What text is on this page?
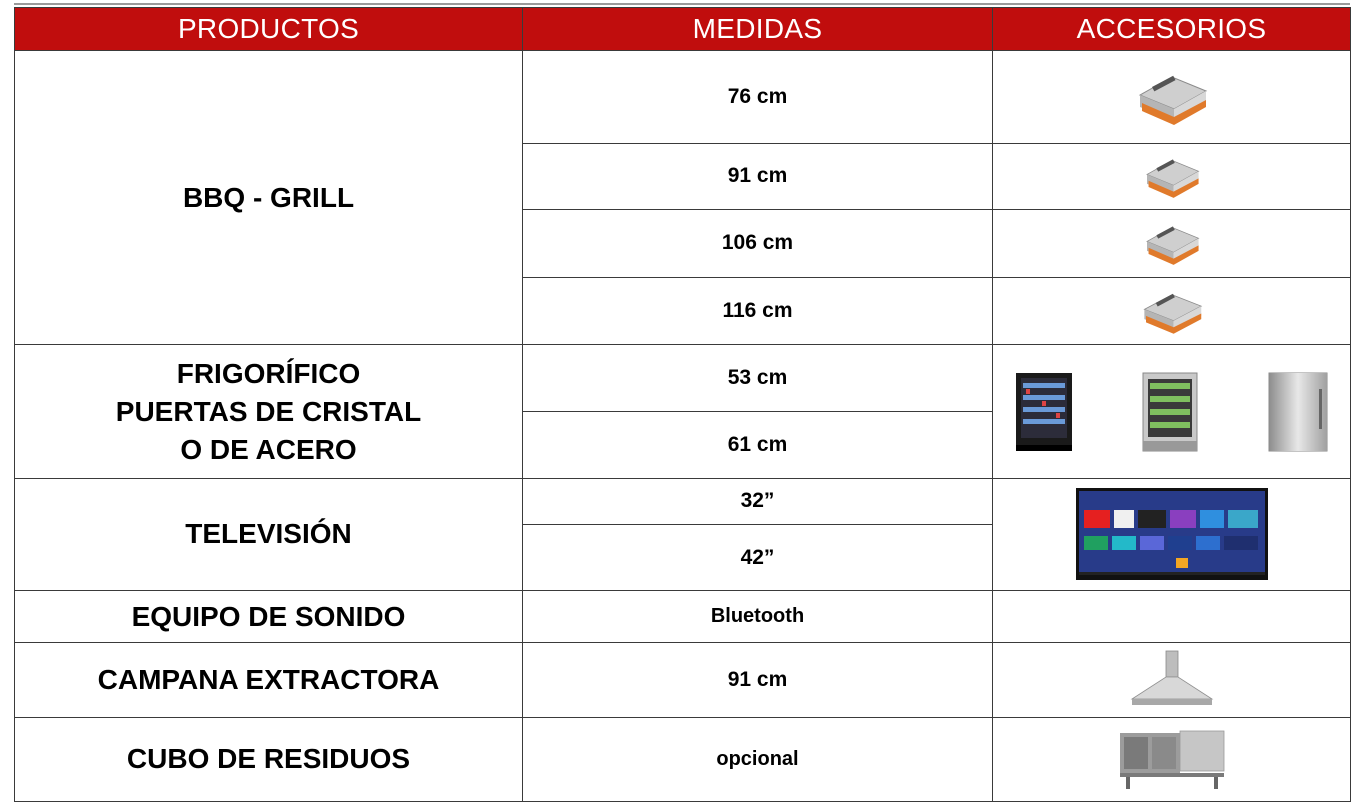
PRODUCTOS	MEDIDAS	ACCESORIOS
BBQ - GRILL	76 cm	

	91 cm	

	106 cm	

	116 cm	

FRIGORÍFICO
PUERTAS DE CRISTAL
O DE ACERO	53 cm	

	61 cm	
TELEVISIÓN	32”	

	42”	
EQUIPO DE SONIDO	Bluetooth	
CAMPANA EXTRACTORA	91 cm	

CUBO DE RESIDUOS	opcional	
